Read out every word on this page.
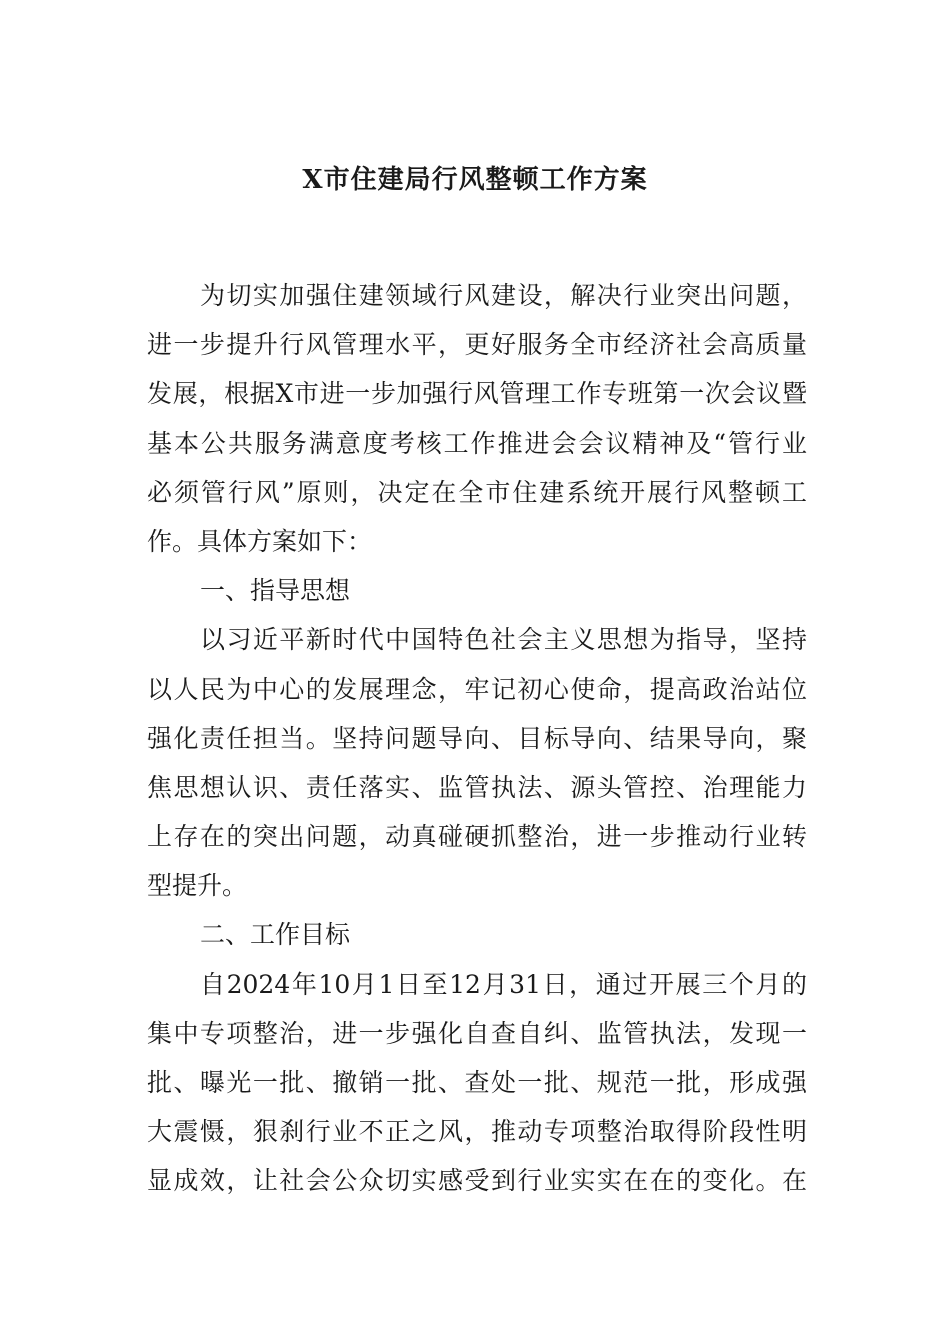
X市住建局行风整顿工作方案
为切实加强住建领域行风建设，解决行业突出问题，
进一步提升行风管理水平，更好服务全市经济社会高质量
发展，根据X市进一步加强行风管理工作专班第一次会议暨
基本公共服务满意度考核工作推进会会议精神及“管行业
必须管行风”原则，决定在全市住建系统开展行风整顿工
作。具体方案如下：
一、指导思想
以习近平新时代中国特色社会主义思想为指导，坚持
以人民为中心的发展理念，牢记初心使命，提高政治站位
强化责任担当。坚持问题导向、目标导向、结果导向，聚
焦思想认识、责任落实、监管执法、源头管控、治理能力
上存在的突出问题，动真碰硬抓整治，进一步推动行业转
型提升。
二、工作目标
自2024年10月1日至12月31日，通过开展三个月的
集中专项整治，进一步强化自查自纠、监管执法，发现一
批、曝光一批、撤销一批、查处一批、规范一批，形成强
大震慑，狠刹行业不正之风，推动专项整治取得阶段性明
显成效，让社会公众切实感受到行业实实在在的变化。在
